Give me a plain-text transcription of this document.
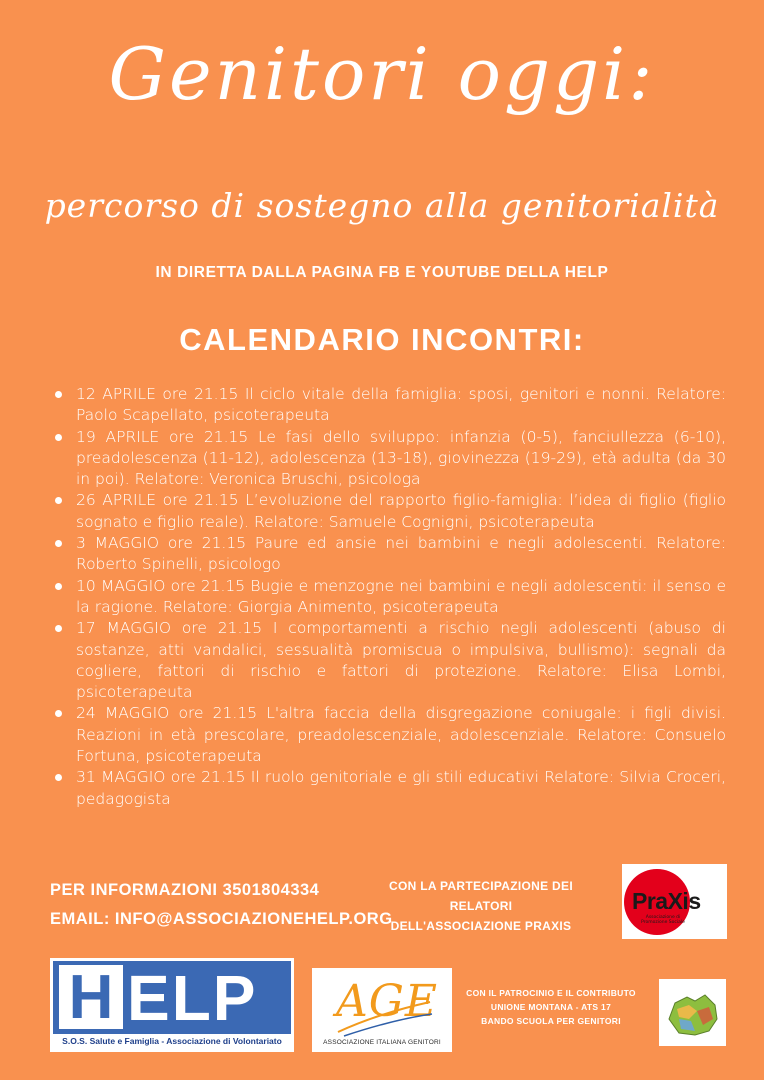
Genitori oggi:
percorso di sostegno alla genitorialità
IN DIRETTA DALLA PAGINA FB E YOUTUBE DELLA HELP
CALENDARIO INCONTRI:
12 APRILE ore 21.15 Il ciclo vitale della famiglia: sposi, genitori e nonni. Relatore: Paolo Scapellato, psicoterapeuta
19 APRILE ore 21.15 Le fasi dello sviluppo: infanzia (0-5), fanciullezza (6-10), preadolescenza (11-12), adolescenza (13-18), giovinezza (19-29), età adulta (da 30 in poi). Relatore: Veronica Bruschi, psicologa
26 APRILE ore 21.15 L’evoluzione del rapporto figlio-famiglia: l’idea di figlio (figlio sognato e figlio reale). Relatore: Samuele Cognigni, psicoterapeuta
3 MAGGIO ore 21.15 Paure ed ansie nei bambini e negli adolescenti. Relatore: Roberto Spinelli, psicologo
10 MAGGIO ore 21.15 Bugie e menzogne nei bambini e negli adolescenti: il senso e la ragione. Relatore: Giorgia Animento, psicoterapeuta
17 MAGGIO ore 21.15 I comportamenti a rischio negli adolescenti (abuso di sostanze, atti vandalici, sessualità promiscua o impulsiva, bullismo): segnali da cogliere, fattori di rischio e fattori di protezione. Relatore: Elisa Lombi, psicoterapeuta
24 MAGGIO ore 21.15 L'altra faccia della disgregazione coniugale: i figli divisi. Reazioni in età prescolare, preadolescenziale, adolescenziale. Relatore: Consuelo Fortuna, psicoterapeuta
31 MAGGIO ore 21.15 Il ruolo genitoriale e gli stili educativi Relatore: Silvia Croceri, pedagogista
PER INFORMAZIONI 3501804334
EMAIL: INFO@ASSOCIAZIONEHELP.ORG
CON LA PARTECIPAZIONE DEI RELATORI
DELL'ASSOCIAZIONE PRAXIS
PraXis
Associazione di Promozione Sociale
H ELP
S.O.S. Salute e Famiglia - Associazione di Volontariato
AGE
ASSOCIAZIONE ITALIANA GENITORI
CON IL PATROCINIO E IL CONTRIBUTO
UNIONE MONTANA - ATS 17
BANDO SCUOLA PER GENITORI
